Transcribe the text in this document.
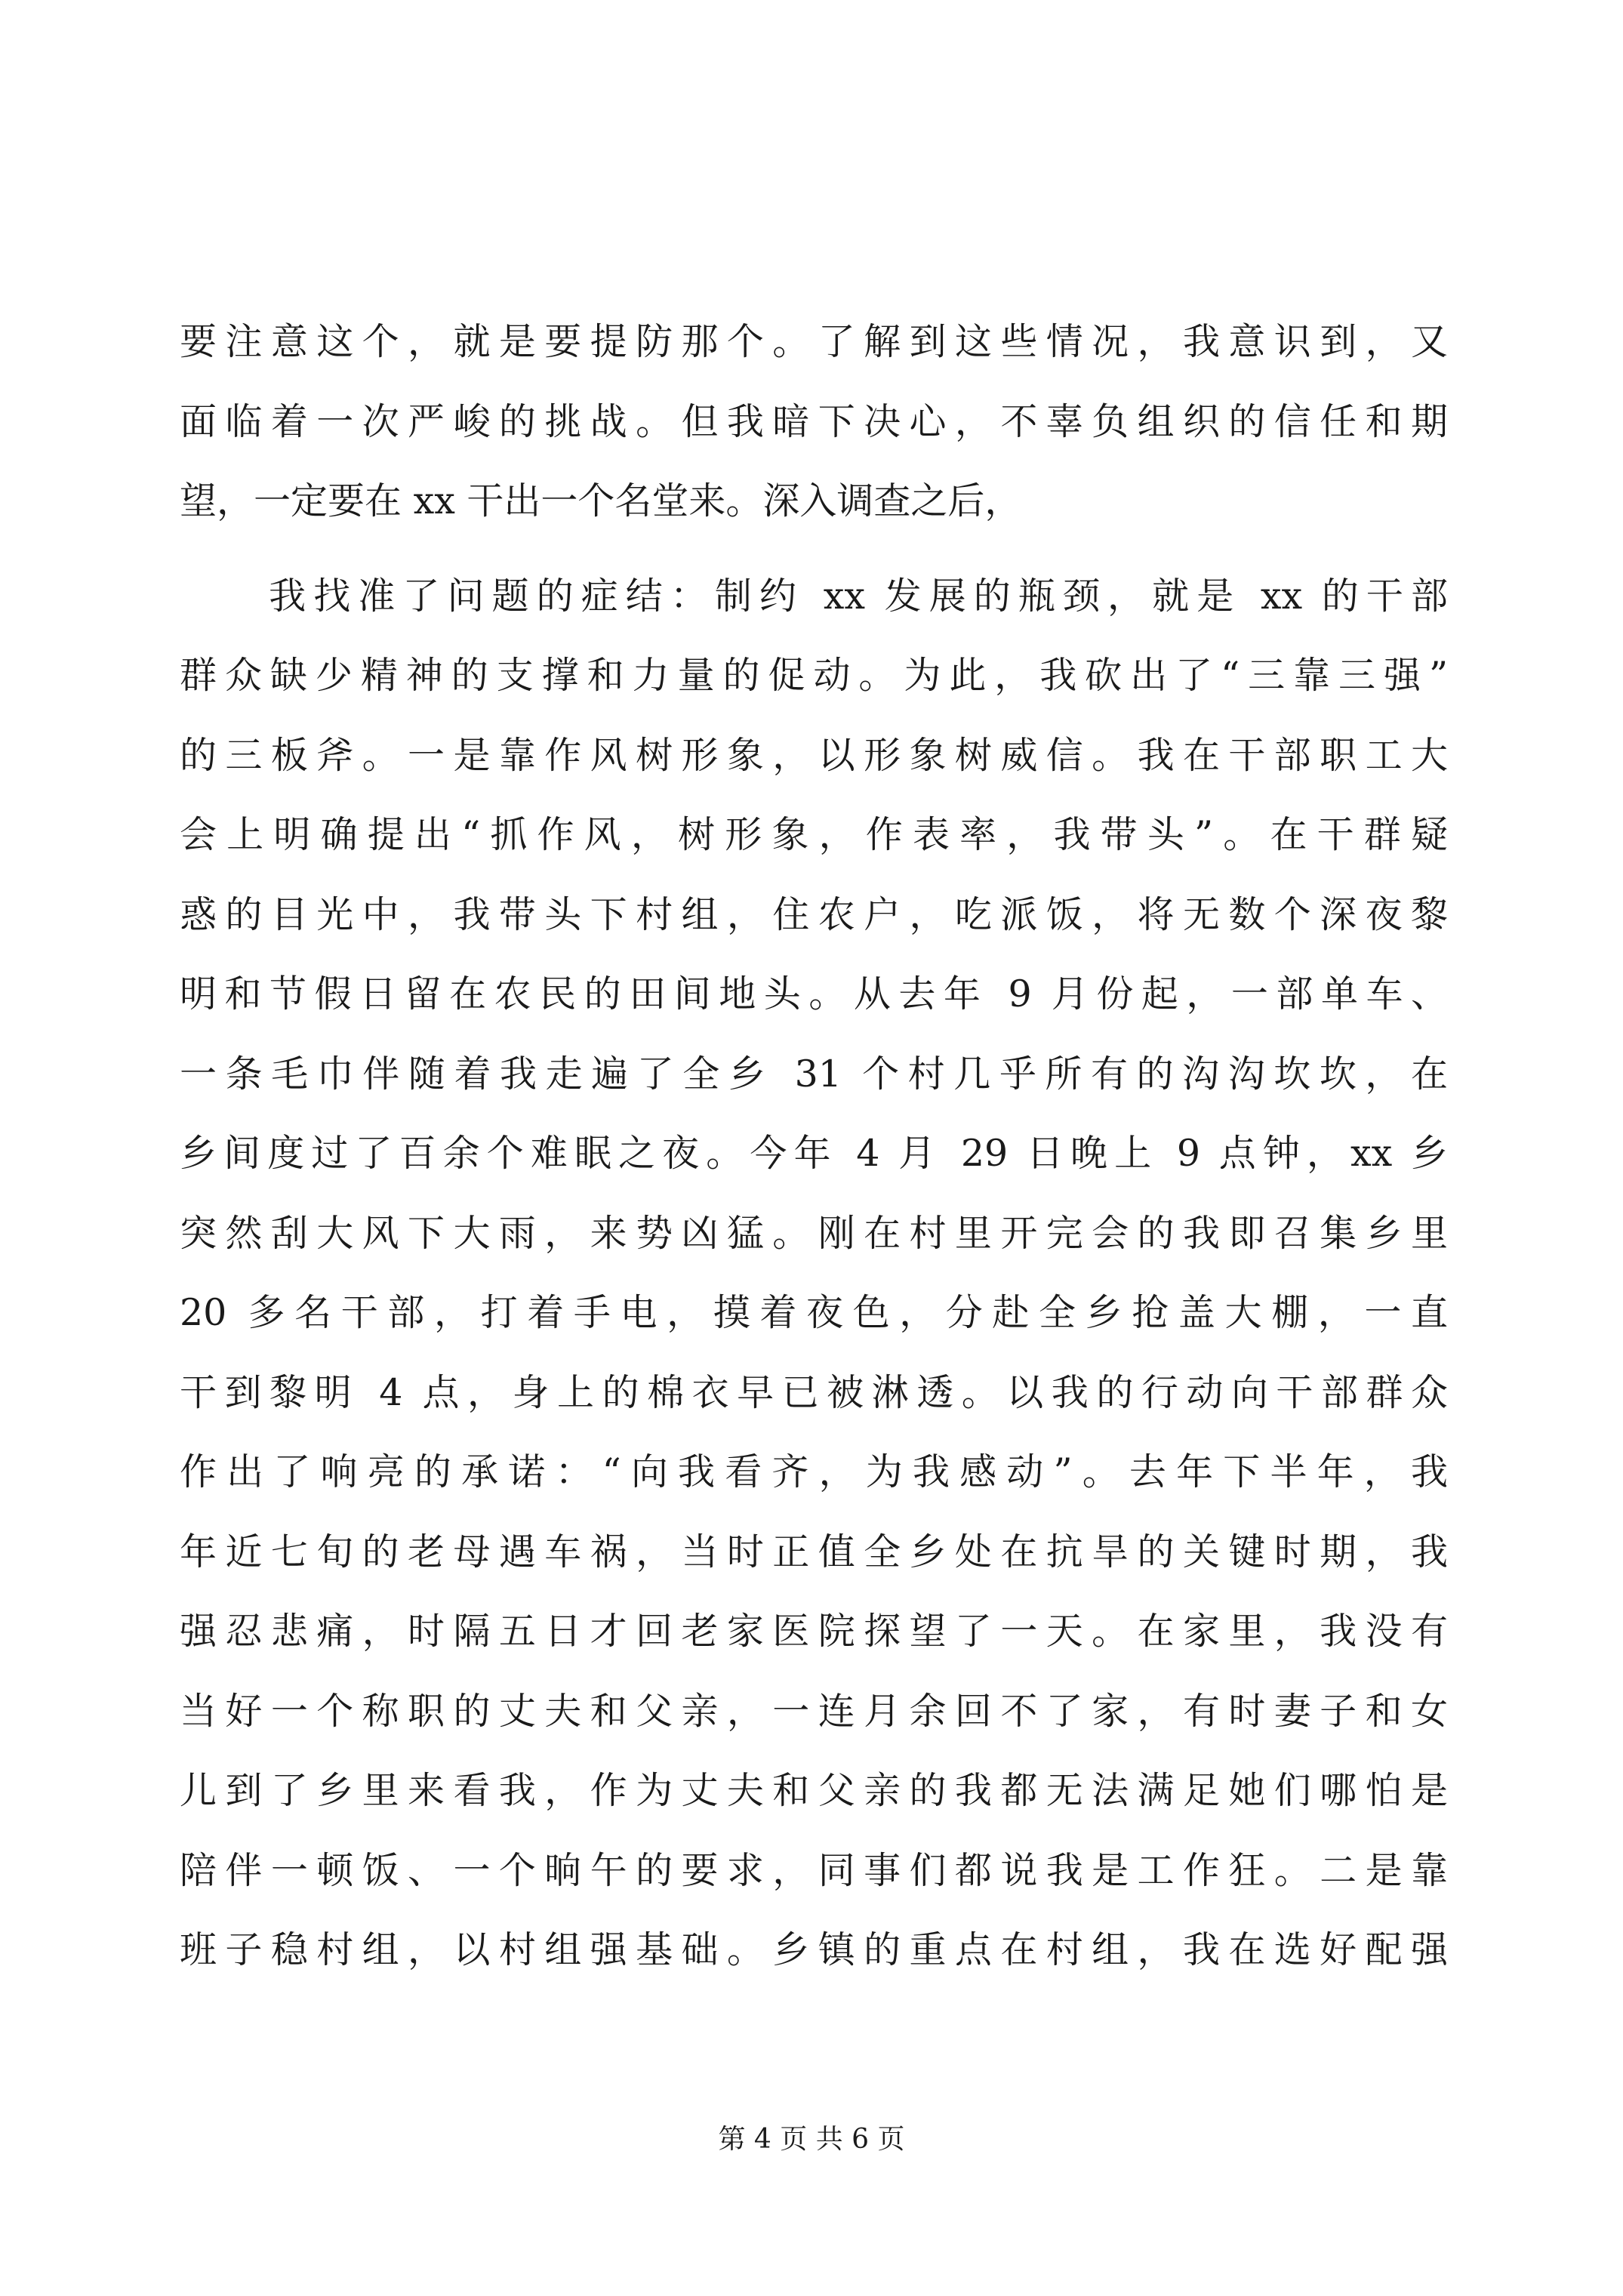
要注意这个，就是要提防那个。了解到这些情况，我意识到，又
面临着一次严峻的挑战。但我暗下决心，不辜负组织的信任和期
望，一定要在 xx 干出一个名堂来。深入调查之后，
　　我找准了问题的症结：制约 xx 发展的瓶颈，就是 xx 的干部
群众缺少精神的支撑和力量的促动。为此，我砍出了“三靠三强”
的三板斧。一是靠作风树形象，以形象树威信。我在干部职工大
会上明确提出“抓作风，树形象，作表率，我带头”。在干群疑
惑的目光中，我带头下村组，住农户，吃派饭，将无数个深夜黎
明和节假日留在农民的田间地头。从去年 9 月份起，一部单车、
一条毛巾伴随着我走遍了全乡 31 个村几乎所有的沟沟坎坎，在
乡间度过了百余个难眠之夜。今年 4 月 29 日晚上 9 点钟，xx 乡
突然刮大风下大雨，来势凶猛。刚在村里开完会的我即召集乡里
20 多名干部，打着手电，摸着夜色，分赴全乡抢盖大棚，一直
干到黎明 4 点，身上的棉衣早已被淋透。以我的行动向干部群众
作出了响亮的承诺：“向我看齐，为我感动”。去年下半年，我
年近七旬的老母遇车祸，当时正值全乡处在抗旱的关键时期，我
强忍悲痛，时隔五日才回老家医院探望了一天。在家里，我没有
当好一个称职的丈夫和父亲，一连月余回不了家，有时妻子和女
儿到了乡里来看我，作为丈夫和父亲的我都无法满足她们哪怕是
陪伴一顿饭、一个晌午的要求，同事们都说我是工作狂。二是靠
班子稳村组，以村组强基础。乡镇的重点在村组，我在选好配强
第 4 页 共 6 页
